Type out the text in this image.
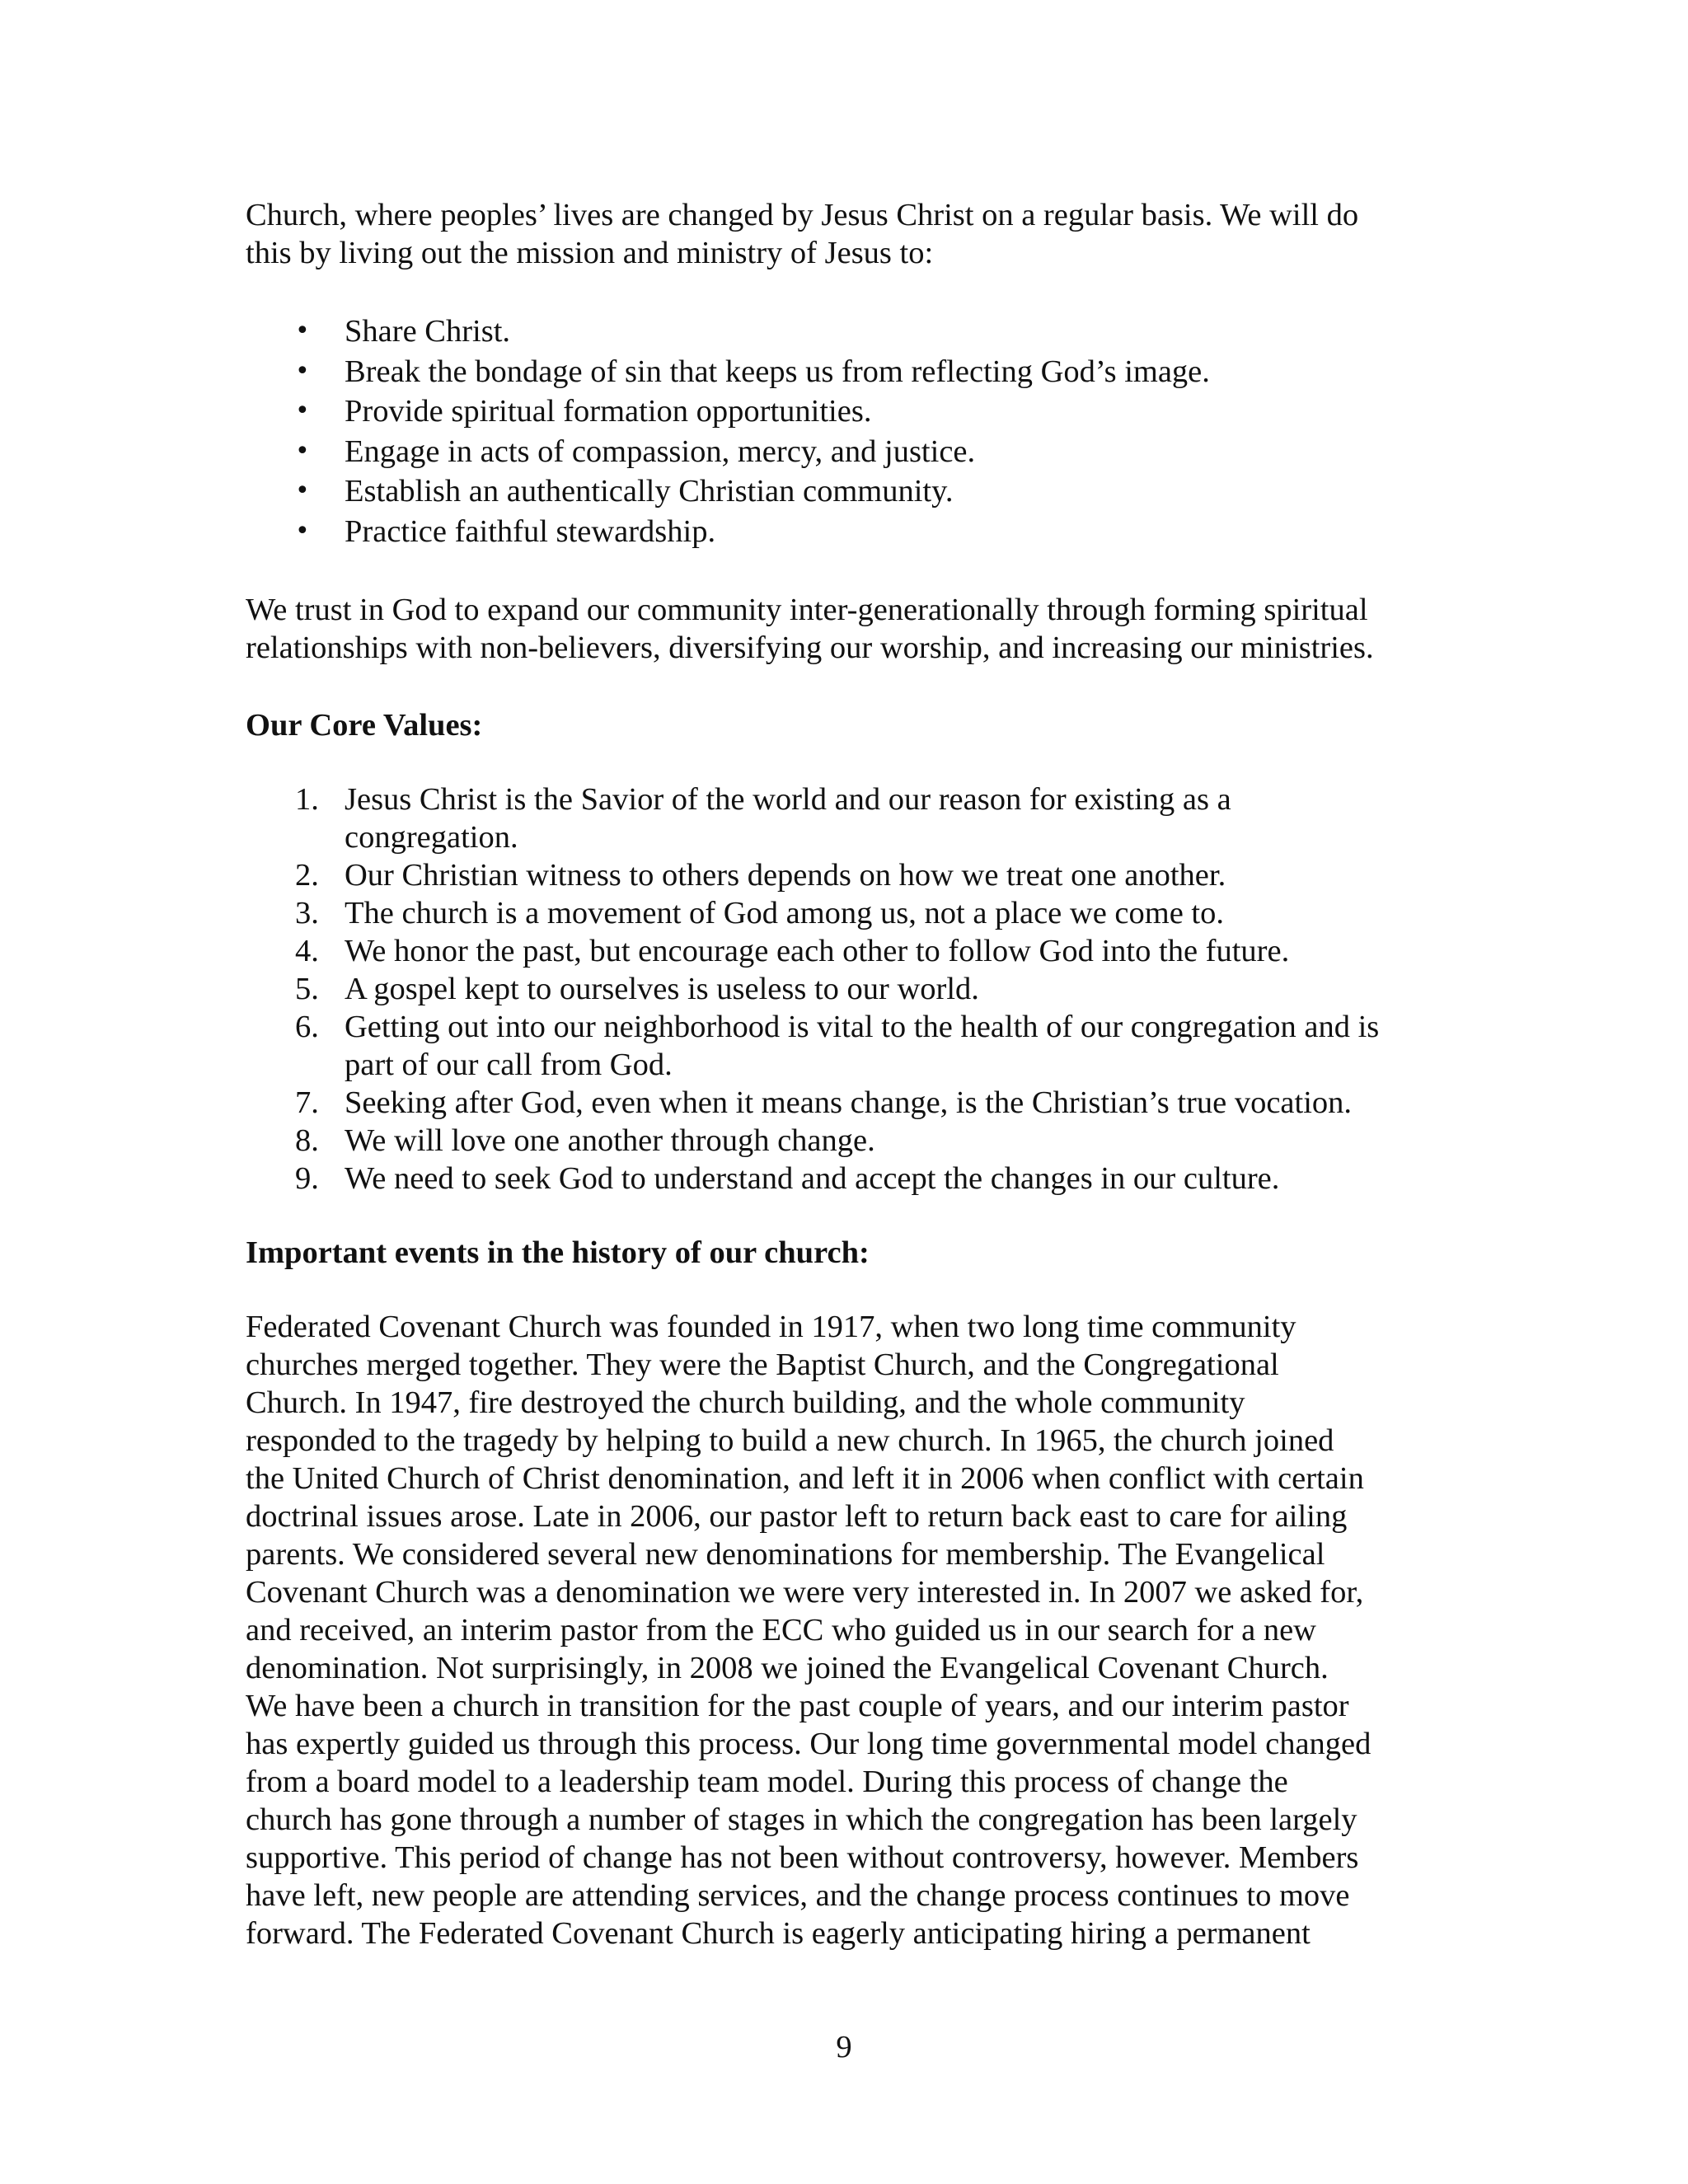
Church, where peoples’ lives are changed by Jesus Christ on a regular basis. We will do
this by living out the mission and ministry of Jesus to:

• Share Christ.
• Break the bondage of sin that keeps us from reflecting God’s image.
• Provide spiritual formation opportunities.
• Engage in acts of compassion, mercy, and justice.
• Establish an authentically Christian community.
• Practice faithful stewardship.

We trust in God to expand our community inter-generationally through forming spiritual
relationships with non-believers, diversifying our worship, and increasing our ministries.

Our Core Values:
1. Jesus Christ is the Savior of the world and our reason for existing as a
congregation.
2. Our Christian witness to others depends on how we treat one another.
3. The church is a movement of God among us, not a place we come to.
4. We honor the past, but encourage each other to follow God into the future.
5. A gospel kept to ourselves is useless to our world.
6. Getting out into our neighborhood is vital to the health of our congregation and is
part of our call from God.
7. Seeking after God, even when it means change, is the Christian’s true vocation.
8. We will love one another through change.
9. We need to seek God to understand and accept the changes in our culture.
Important events in the history of our church:

Federated Covenant Church was founded in 1917, when two long time community
churches merged together. They were the Baptist Church, and the Congregational
Church. In 1947, fire destroyed the church building, and the whole community
responded to the tragedy by helping to build a new church. In 1965, the church joined
the United Church of Christ denomination, and left it in 2006 when conflict with certain
doctrinal issues arose. Late in 2006, our pastor left to return back east to care for ailing
parents. We considered several new denominations for membership. The Evangelical
Covenant Church was a denomination we were very interested in. In 2007 we asked for,
and received, an interim pastor from the ECC who guided us in our search for a new
denomination. Not surprisingly, in 2008 we joined the Evangelical Covenant Church.
We have been a church in transition for the past couple of years, and our interim pastor
has expertly guided us through this process. Our long time governmental model changed
from a board model to a leadership team model. During this process of change the
church has gone through a number of stages in which the congregation has been largely
supportive. This period of change has not been without controversy, however. Members
have left, new people are attending services, and the change process continues to move
forward. The Federated Covenant Church is eagerly anticipating hiring a permanent

9
